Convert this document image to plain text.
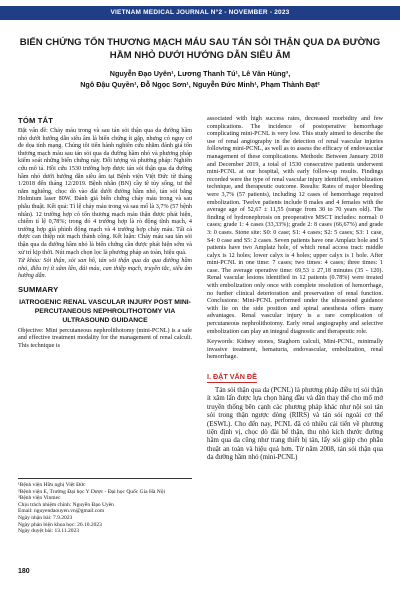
VIETNAM MEDICAL JOURNAL N°2 - NOVEMBER - 2023
BIẾN CHỨNG TỔN THƯƠNG MẠCH MÁU SAU TÁN SỎI THẬN QUA DA ĐƯỜNG HẦM NHỎ DƯỚI HƯỚNG DẪN SIÊU ÂM
Nguyễn Đạo Uyên¹, Lương Thanh Tú¹, Lê Văn Hùng³,
Ngô Đậu Quyền¹, Đỗ Ngọc Sơn¹, Nguyễn Đức Minh¹, Phạm Thành Đạt²
TÓM TẮT

Đặt vấn đề: Chảy máu trong và sau tán sỏi thận qua da đường hầm nhỏ dưới hướng dẫn siêu âm là biến chứng ít gặp, nhưng có nguy cơ đe dọa tính mạng. Chúng tôi tiến hành nghiên cứu nhằm đánh giá tổn thương mạch máu sau tán sỏi qua da đường hầm nhỏ và phương pháp kiểm soát những biến chứng này. Đối tượng và phương pháp: Nghiên cứu mô tả. Hồi cứu 1530 trường hợp được tán sỏi thận qua da đường hầm nhỏ dưới hướng dẫn siêu âm tại Bệnh viện Việt Đức từ tháng 1/2018 đến tháng 12/2019. Bệnh nhân (BN) cầy tê tủy sống, tư thế nằm nghiêng, chọc dò vào đài dưới đường hầm nhỏ, tán sỏi bằng Holmium laser 80W. Đánh giá biến chứng chảy máu trong và sau phẫu thuật. Kết quả: Tỉ lệ chảy máu trong và sau mổ là 3,7% (57 bệnh nhân). 12 trường hợp có tổn thương mạch máu thận được phát hiện, chiếm tỉ lệ 0,78%; trong đó 4 trường hợp là rò động tĩnh mạch, 4 trường hợp giả phình động mạch và 4 trường hợp chảy máu. Tất cả được can thiệp nút mạch thành công. Kết luận: Chảy máu sau tán sỏi thận qua da đường hầm nhỏ là biến chứng cần được phát hiện sớm và xử trí kịp thời. Nút mạch chọn lọc là phương pháp an toàn, hiệu quả.

Từ khóa: Sỏi thận, sỏi san hô, tán sỏi thận qua da qua đường hầm nhỏ, điều trị ít xâm lấn, đái máu, can thiệp mạch, truyền tắc, siêu âm hướng dẫn.

SUMMARY
IATROGENIC RENAL VASCULAR INJURY POST MINI-PERCUTANEOUS NEPHROLITHOTOMY VIA ULTRASOUND GUIDANCE

Objective: Mini percutaneous nephrolithotomy (mini-PCNL) is a safe and effective treatment modality for the management of renal calculi. This technique is

¹Bệnh viện Hữu nghị Việt Đức

²Bệnh viện E, Trường Đại học Y Dược - Đại học Quốc Gia Hà Nội

³Bệnh viện Vinmec

Chịu trách nhiệm chính: Nguyễn Đạo Uyên

Email: nguyendaouyen.vn@gmail.com

Ngày nhận bài: 7.9.2023

Ngày phản biện khoa học: 26.10.2023

Ngày duyệt bài: 13.11.2023

180

associated with high success rates, decreased morbidity and few complications. The incidence of postoperative hemorrhage complicating mini-PCNL is very low. This study aimed to describe the use of renal angiography in the detection of renal vascular injuries following mini-PCNL, as well as to assess the efficacy of endovascular management of these complications. Methods: Between January 2018 and December 2019, a total of 1530 consecutive patients underwent mini-PCNL at our hospital, with early follow-up results. Findings recorded were the type of renal vascular injury identified, embolization technique, and therapeutic outcome. Results: Rates of major bleeding were 3,7% (57 patients), including 12 cases of hemorrhage required embolization. Twelve patients include 8 males and 4 females with the average age of 52,67 ± 11,55 (range from 30 to 70 years old). The finding of hydronephrosis on preoperative MSCT includes: normal: 0 cases; grade 1: 4 cases (33,33%); grade 2: 8 cases (66,67%) and grade 3: 0 cases. Stone site: S0: 0 case; S1: 4 cases; S2: 5 cases; S3: 1 case, S4: 0 case and S5: 2 cases. Seven patients have one Amplatz hole and 5 patients have two Amplatz hole, of which renal access tract: middle calyx is 12 holes; lower calyx is 4 holes; upper calyx is 1 hole. After mini-PCNL in one time: 7 cases; two times: 4 cases; three times: 1 case. The average operative time: 69,53 ± 27,18 minutes (35 - 120). Renal vascular lesions identified in 12 patients (0.78%) were treated with embolization only once with complete resolution of hemorrhage, no further clinical deterioration and preservation of renal function. Conclusions: Mini-PCNL performed under the ultrasound guidance with lie on the side position and spinal anesthesia offers many advantages. Renal vascular injury is a rare complication of percutaneous nephrolithotomy. Early renal angiography and selective embolization can play an integral diagnostic and therapeutic role.

Keywords: Kidney stones, Staghorn calculi, Mini-PCNL, minimally invasive treatment, hematuria, endovascular, embolization, renal hemorrhage.

I. ĐẶT VẤN ĐỀ

Tán sỏi thận qua da (PCNL) là phương pháp điều trị sỏi thận ít xâm lấn được lựa chọn hàng đầu và dần thay thế cho mổ mở truyền thống bên cạnh các phương pháp khác như nội soi tán sỏi trong thận ngược dòng (RIRS) và tán sỏi ngoài cơ thể (ESWL). Cho đến nay, PCNL đã có nhiều cải tiến về phương tiện định vị, chọc dò đài bể thận, thu nhỏ kích thước đường hầm qua da cũng như trang thiết bị tán, lấy sỏi giúp cho phẫu thuật an toàn và hiệu quả hơn. Từ năm 2008, tán sỏi thận qua da đường hầm nhỏ (mini-PCNL)
